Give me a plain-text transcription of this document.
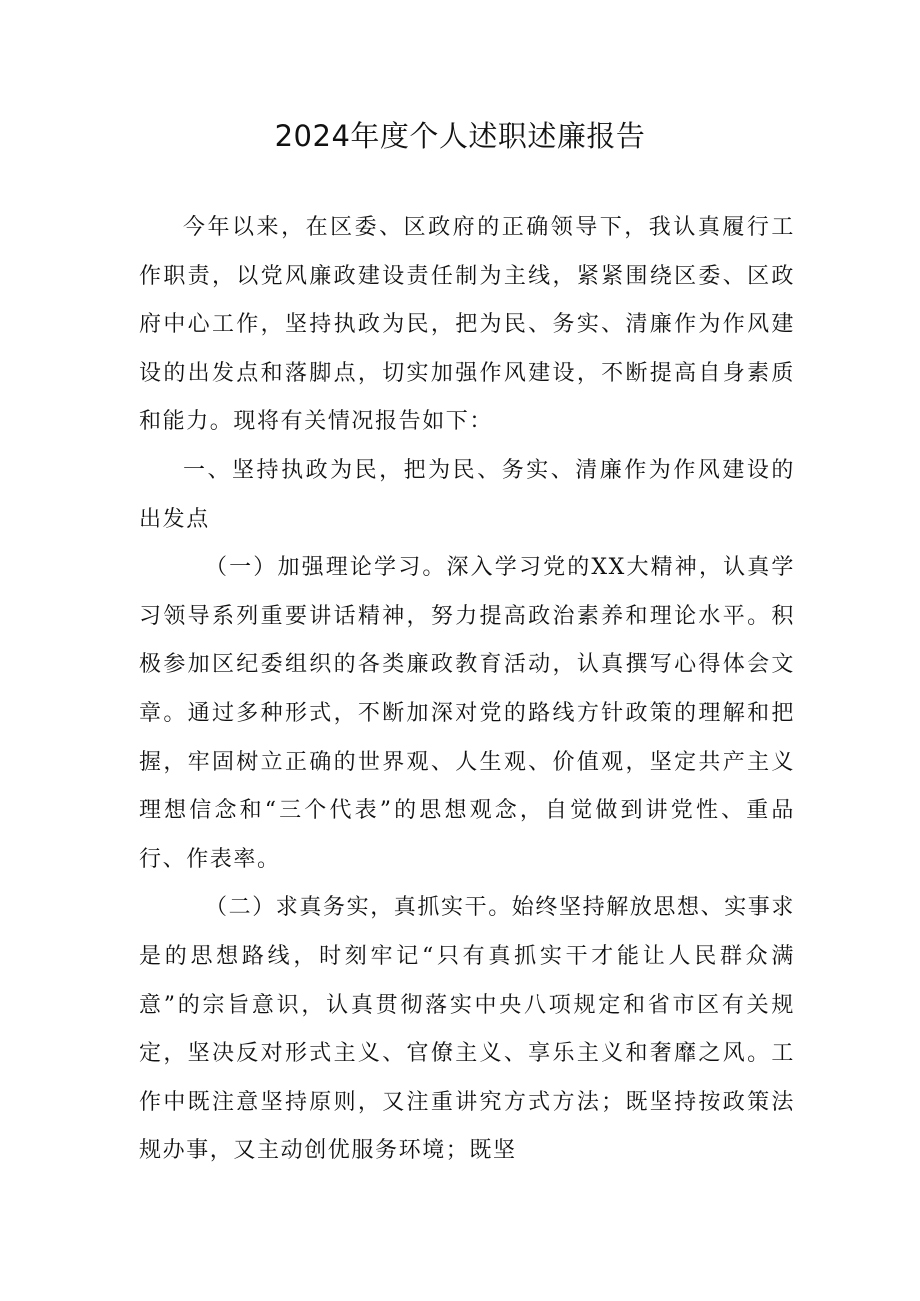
2024年度个人述职述廉报告

今年以来，在区委、区政府的正确领导下，我认真履行工作职责，以党风廉政建设责任制为主线，紧紧围绕区委、区政府中心工作，坚持执政为民，把为民、务实、清廉作为作风建设的出发点和落脚点，切实加强作风建设，不断提高自身素质和能力。现将有关情况报告如下：

一、坚持执政为民，把为民、务实、清廉作为作风建设的出发点

（一）加强理论学习。深入学习党的XX大精神，认真学习领导系列重要讲话精神，努力提高政治素养和理论水平。积极参加区纪委组织的各类廉政教育活动，认真撰写心得体会文章。通过多种形式，不断加深对党的路线方针政策的理解和把握，牢固树立正确的世界观、人生观、价值观，坚定共产主义理想信念和“三个代表”的思想观念，自觉做到讲党性、重品行、作表率。

（二）求真务实，真抓实干。始终坚持解放思想、实事求是的思想路线，时刻牢记“只有真抓实干才能让人民群众满意”的宗旨意识，认真贯彻落实中央八项规定和省市区有关规定，坚决反对形式主义、官僚主义、享乐主义和奢靡之风。工作中既注意坚持原则，又注重讲究方式方法；既坚持按政策法规办事，又主动创优服务环境；既坚
